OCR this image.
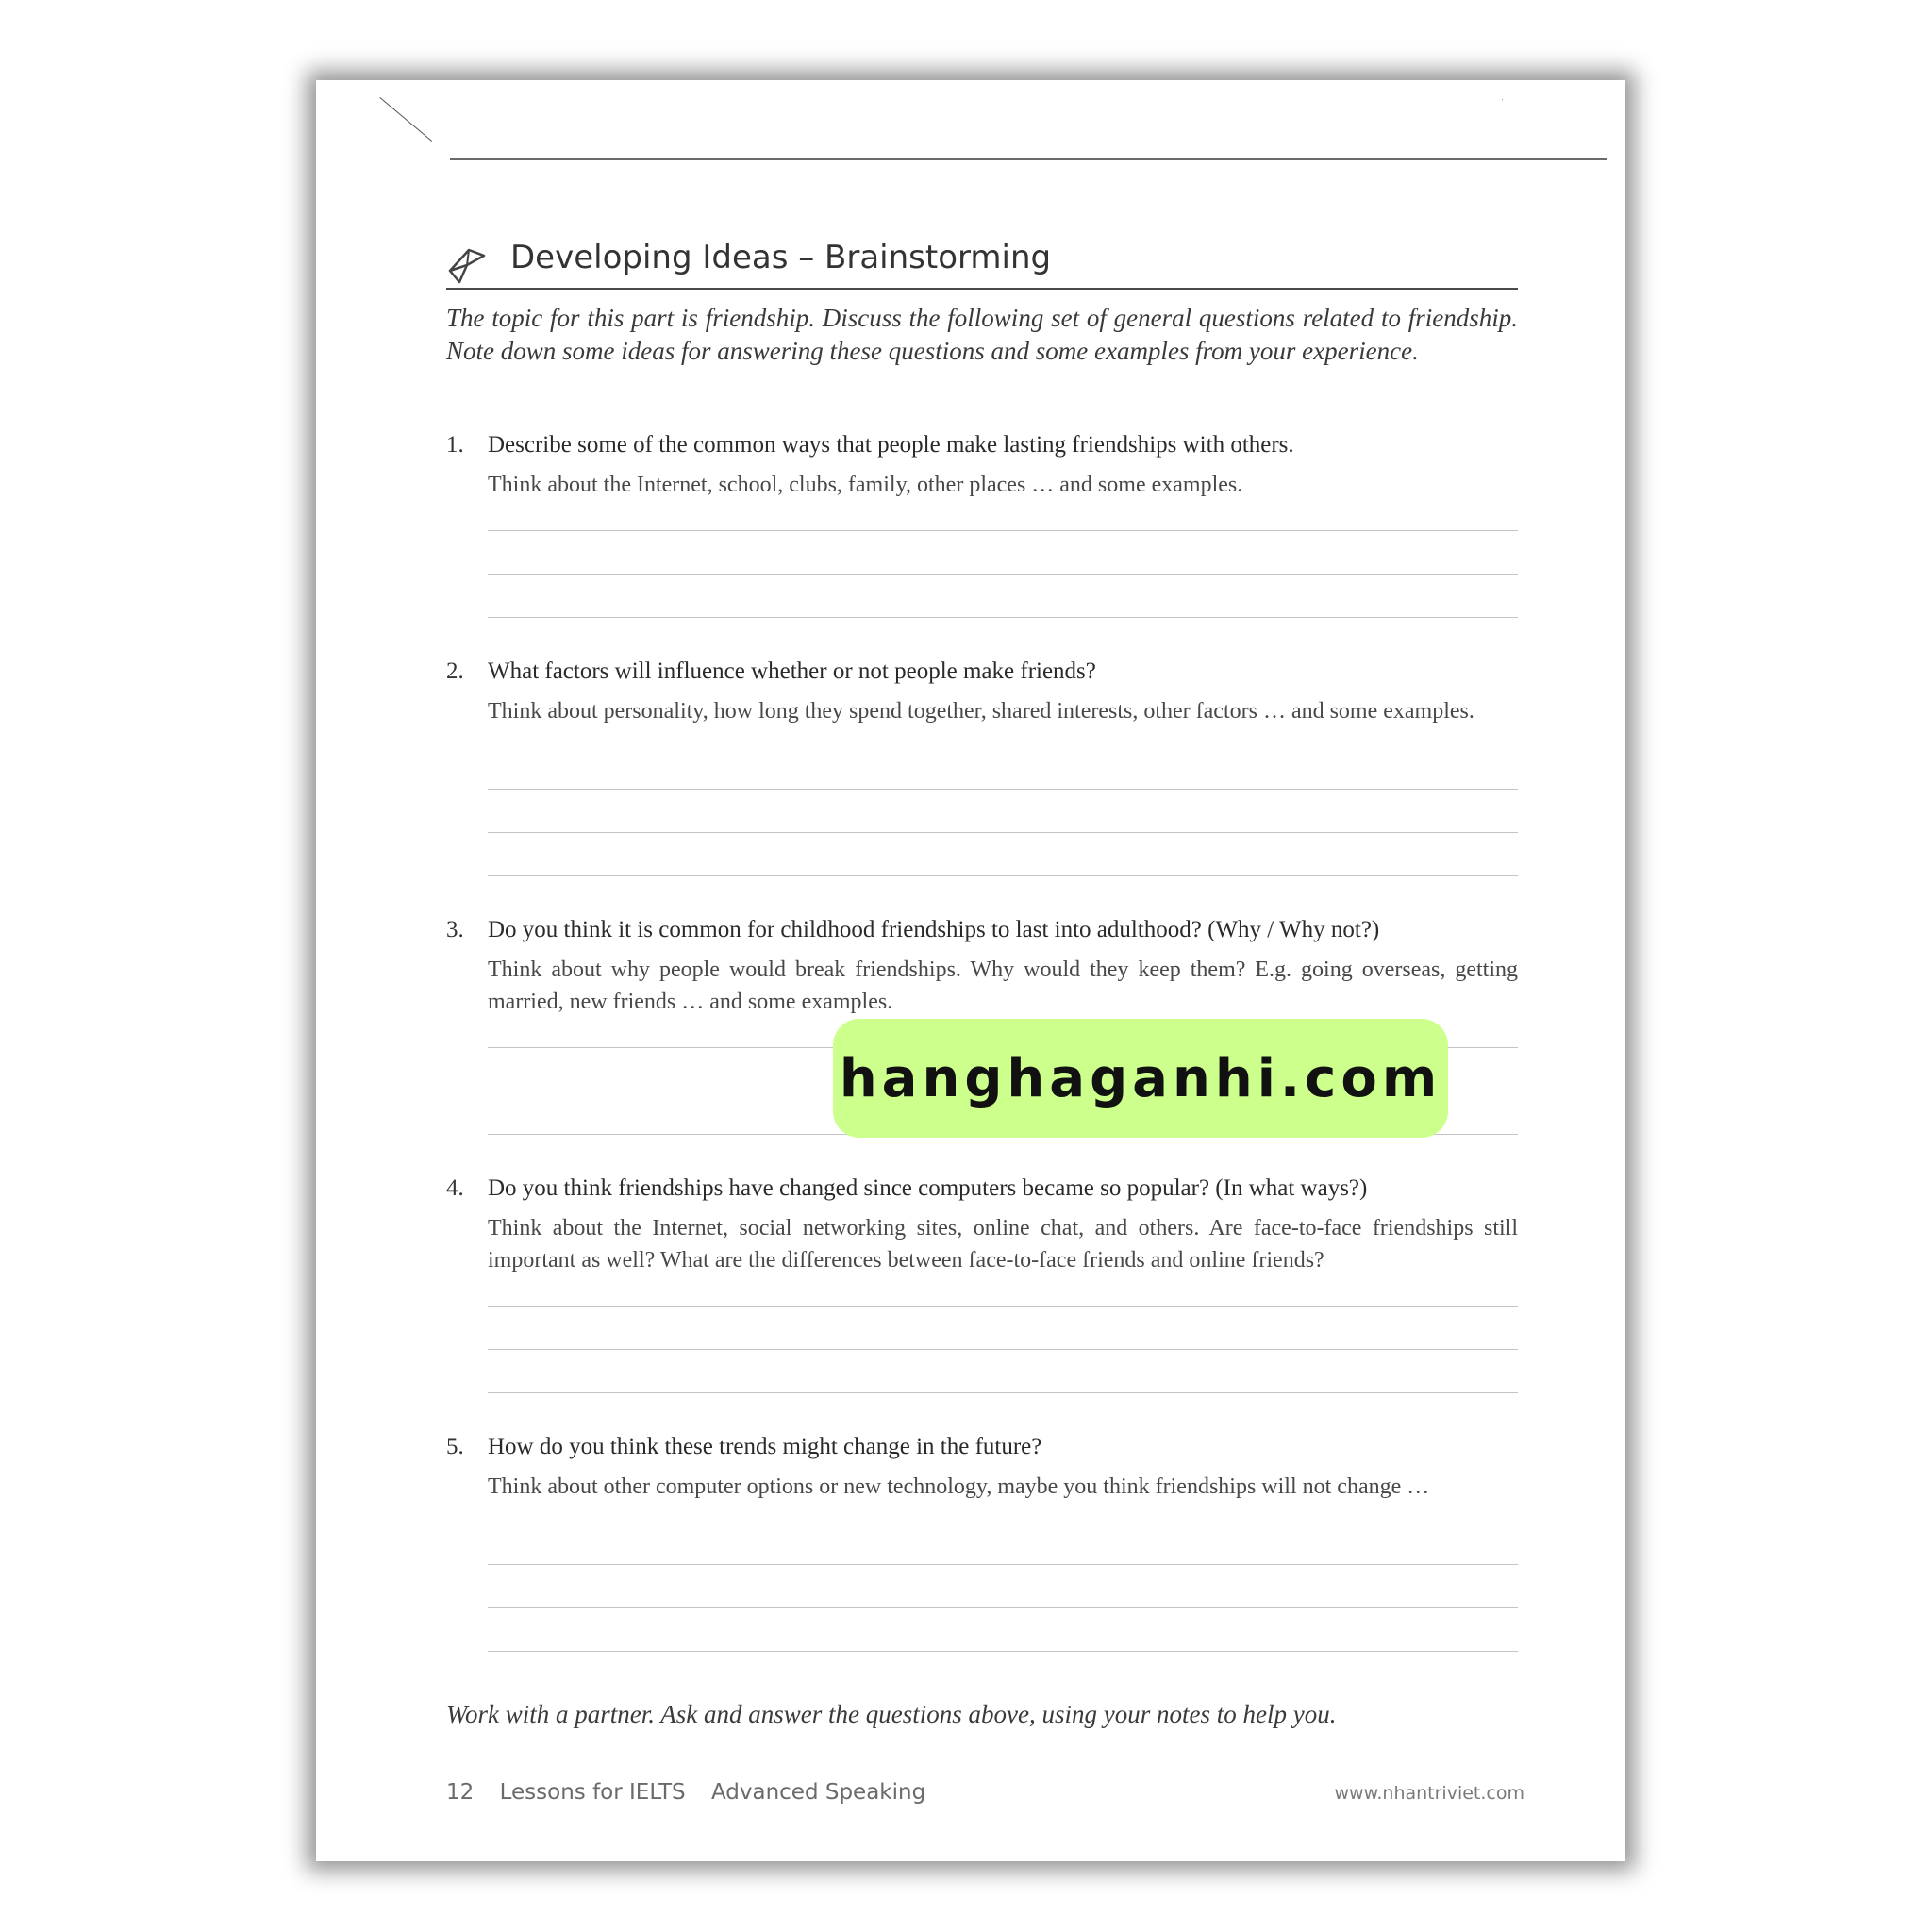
Developing Ideas – Brainstorming
The topic for this part is friendship. Discuss the following set of general questions related to friendship. Note down some ideas for answering these questions and some examples from your experience.
1. Describe some of the common ways that people make lasting friendships with others.
Think about the Internet, school, clubs, family, other places … and some examples.
2. What factors will influence whether or not people make friends?
Think about personality, how long they spend together, shared interests, other factors … and some examples.
3. Do you think it is common for childhood friendships to last into adulthood? (Why / Why not?)
Think about why people would break friendships. Why would they keep them? E.g. going overseas, getting married, new friends … and some examples.
4. Do you think friendships have changed since computers became so popular? (In what ways?)
Think about the Internet, social networking sites, online chat, and others. Are face-to-face friendships still important as well? What are the differences between face-to-face friends and online friends?
5. How do you think these trends might change in the future?
Think about other computer options or new technology, maybe you think friendships will not change …
Work with a partner. Ask and answer the questions above, using your notes to help you.
12 Lessons for IELTS Advanced Speaking	www.nhantriviet.com
hanghaganhi.com
